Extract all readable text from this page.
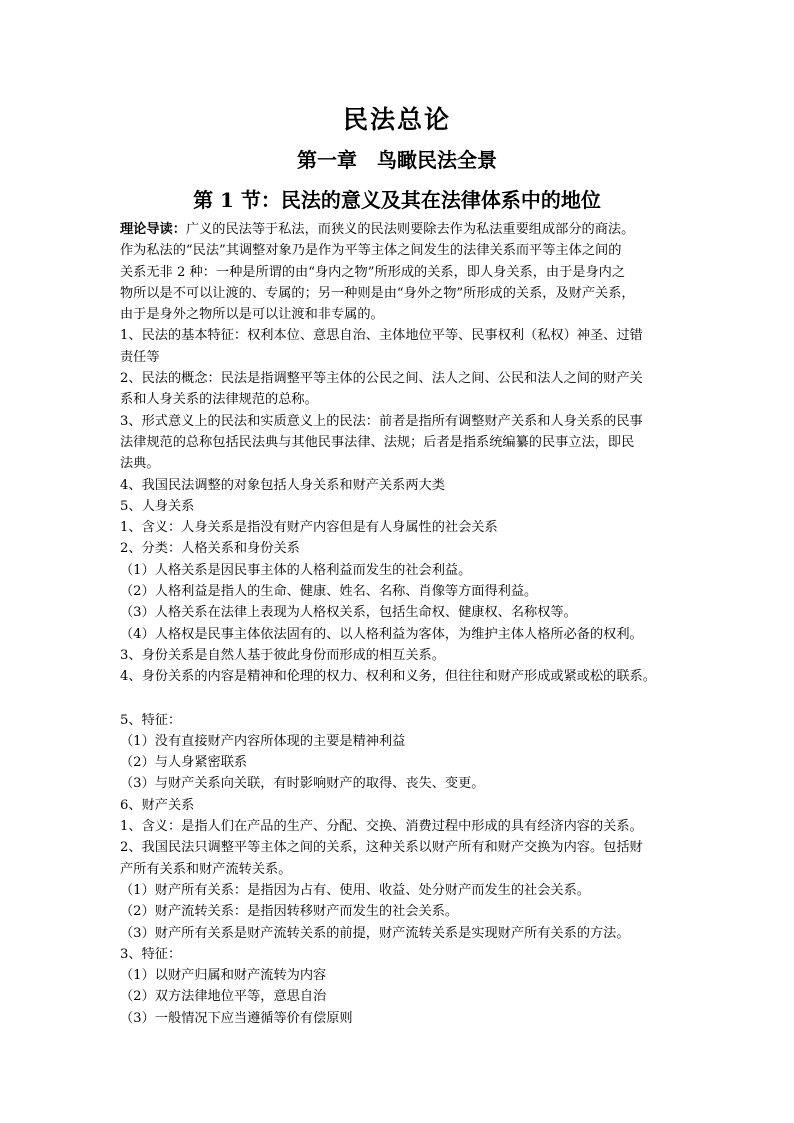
民法总论
第一章　鸟瞰民法全景
第 1 节：民法的意义及其在法律体系中的地位
理论导读：广义的民法等于私法，而狭义的民法则要除去作为私法重要组成部分的商法。
作为私法的“民法”其调整对象乃是作为平等主体之间发生的法律关系而平等主体之间的
关系无非 2 种：一种是所谓的由“身内之物”所形成的关系，即人身关系，由于是身内之
物所以是不可以让渡的、专属的；另一种则是由“身外之物”所形成的关系，及财产关系，
由于是身外之物所以是可以让渡和非专属的。
1、民法的基本特征：权利本位、意思自治、主体地位平等、民事权利（私权）神圣、过错
责任等
2、民法的概念：民法是指调整平等主体的公民之间、法人之间、公民和法人之间的财产关
系和人身关系的法律规范的总称。
3、形式意义上的民法和实质意义上的民法：前者是指所有调整财产关系和人身关系的民事
法律规范的总称包括民法典与其他民事法律、法规；后者是指系统编纂的民事立法，即民
法典。
4、我国民法调整的对象包括人身关系和财产关系两大类
5、人身关系
1、含义：人身关系是指没有财产内容但是有人身属性的社会关系
2、分类：人格关系和身份关系
（1）人格关系是因民事主体的人格利益而发生的社会利益。
（2）人格利益是指人的生命、健康、姓名、名称、肖像等方面得利益。
（3）人格关系在法律上表现为人格权关系，包括生命权、健康权、名称权等。
（4）人格权是民事主体依法固有的、以人格利益为客体，为维护主体人格所必备的权利。
3、身份关系是自然人基于彼此身份而形成的相互关系。
4、身份关系的内容是精神和伦理的权力、权利和义务，但往往和财产形成或紧或松的联系。
5、特征：
（1）没有直接财产内容所体现的主要是精神利益
（2）与人身紧密联系
（3）与财产关系向关联，有时影响财产的取得、丧失、变更。
6、财产关系
1、含义：是指人们在产品的生产、分配、交换、消费过程中形成的具有经济内容的关系。
2、我国民法只调整平等主体之间的关系，这种关系以财产所有和财产交换为内容。包括财
产所有关系和财产流转关系。
（1）财产所有关系：是指因为占有、使用、收益、处分财产而发生的社会关系。
（2）财产流转关系：是指因转移财产而发生的社会关系。
（3）财产所有关系是财产流转关系的前提，财产流转关系是实现财产所有关系的方法。
3、特征：
（1）以财产归属和财产流转为内容
（2）双方法律地位平等，意思自治
（3）一般情况下应当遵循等价有偿原则
